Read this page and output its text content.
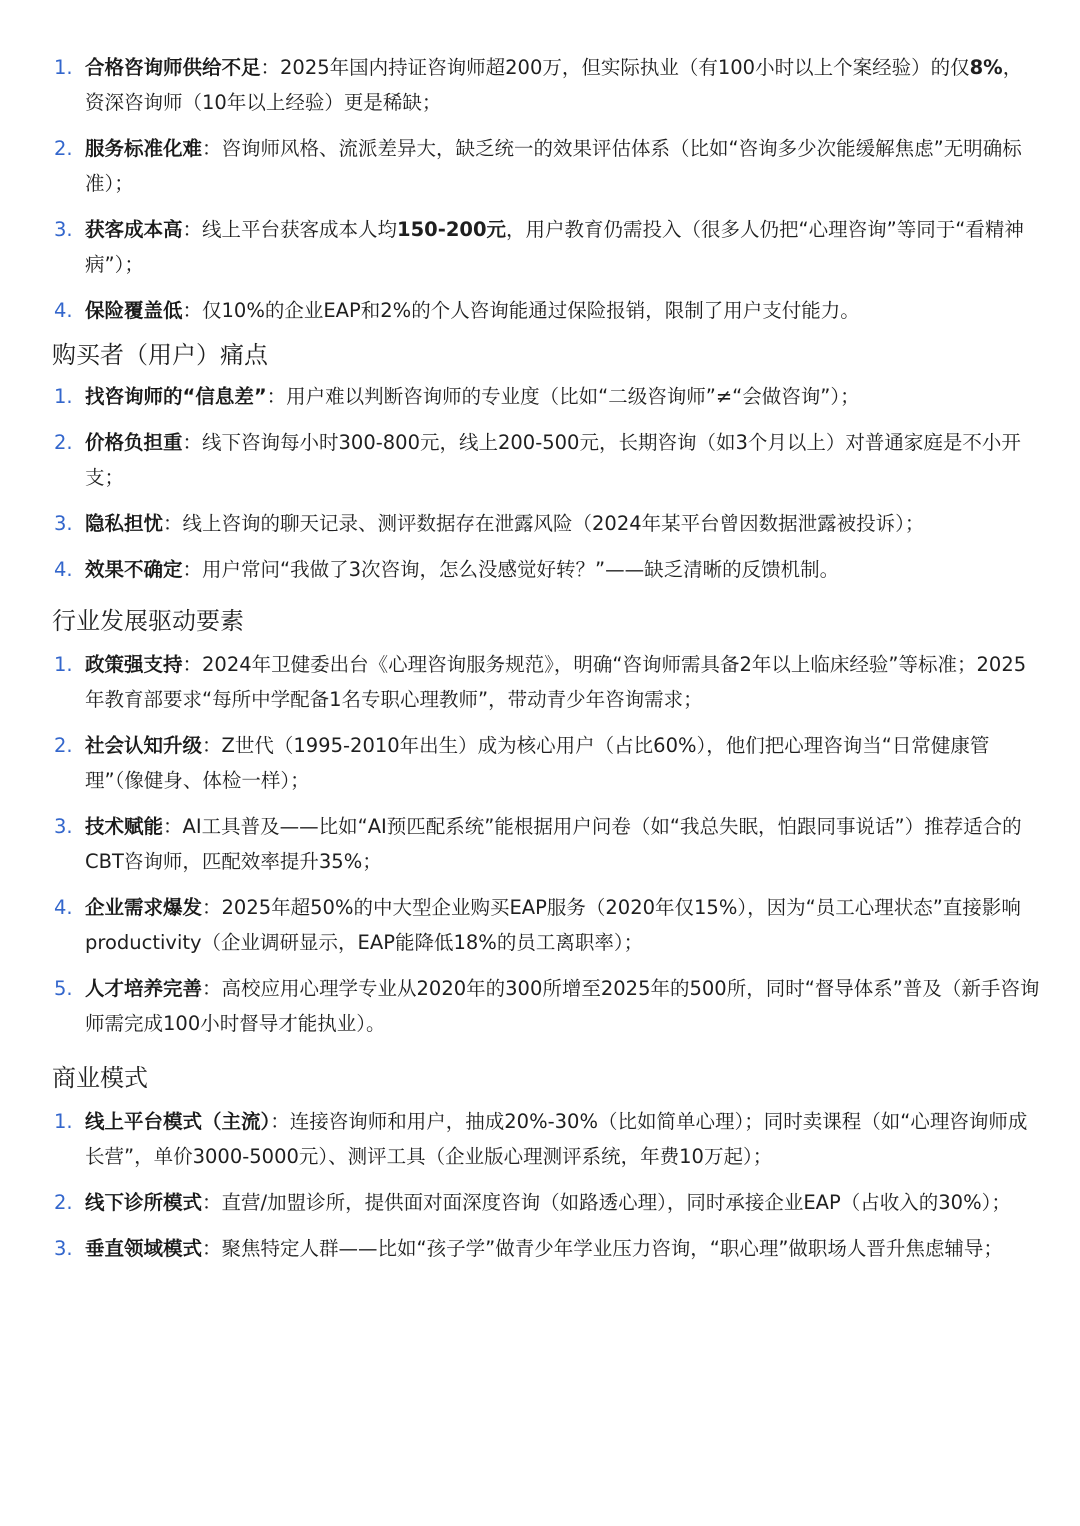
1. 合格咨询师供给不足：2025年国内持证咨询师超200万，但实际执业（有100小时以上个案经验）的仅8%，资深咨询师（10年以上经验）更是稀缺；
2. 服务标准化难：咨询师风格、流派差异大，缺乏统一的效果评估体系（比如“咨询多少次能缓解焦虑”无明确标准）；
3. 获客成本高：线上平台获客成本人均150-200元，用户教育仍需投入（很多人仍把“心理咨询”等同于“看精神病”）；
4. 保险覆盖低：仅10%的企业EAP和2%的个人咨询能通过保险报销，限制了用户支付能力。
购买者（用户）痛点
1. 找咨询师的“信息差”：用户难以判断咨询师的专业度（比如“二级咨询师”≠“会做咨询”）；
2. 价格负担重：线下咨询每小时300-800元，线上200-500元，长期咨询（如3个月以上）对普通家庭是不小开支；
3. 隐私担忧：线上咨询的聊天记录、测评数据存在泄露风险（2024年某平台曾因数据泄露被投诉）；
4. 效果不确定：用户常问“我做了3次咨询，怎么没感觉好转？”——缺乏清晰的反馈机制。
行业发展驱动要素
1. 政策强支持：2024年卫健委出台《心理咨询服务规范》，明确“咨询师需具备2年以上临床经验”等标准；2025年教育部要求“每所中学配备1名专职心理教师”，带动青少年咨询需求；
2. 社会认知升级：Z世代（1995-2010年出生）成为核心用户（占比60%），他们把心理咨询当“日常健康管理”（像健身、体检一样）；
3. 技术赋能：AI工具普及——比如“AI预匹配系统”能根据用户问卷（如“我总失眠，怕跟同事说话”）推荐适合的CBT咨询师，匹配效率提升35%；
4. 企业需求爆发：2025年超50%的中大型企业购买EAP服务（2020年仅15%），因为“员工心理状态”直接影响 productivity（企业调研显示，EAP能降低18%的员工离职率）；
5. 人才培养完善：高校应用心理学专业从2020年的300所增至2025年的500所，同时“督导体系”普及（新手咨询师需完成100小时督导才能执业）。
商业模式
1. 线上平台模式（主流）：连接咨询师和用户，抽成20%-30%（比如简单心理）；同时卖课程（如“心理咨询师成长营”，单价3000-5000元）、测评工具（企业版心理测评系统，年费10万起）；
2. 线下诊所模式：直营/加盟诊所，提供面对面深度咨询（如路透心理），同时承接企业EAP（占收入的30%）；
3. 垂直领域模式：聚焦特定人群——比如“孩子学”做青少年学业压力咨询，“职心理”做职场人晋升焦虑辅导；
